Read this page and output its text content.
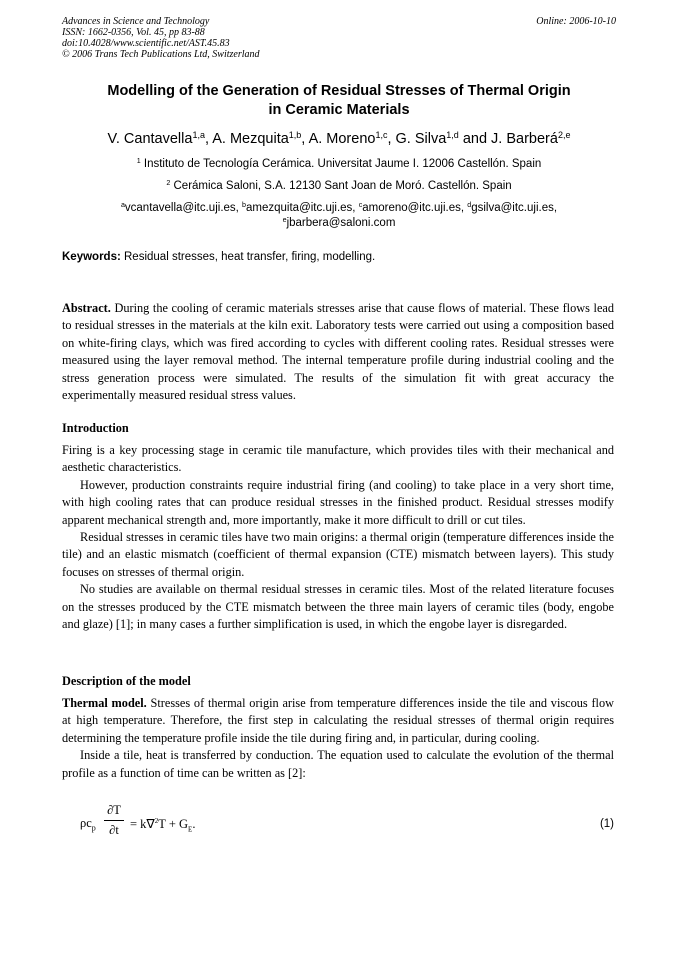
Advances in Science and Technology
ISSN: 1662-0356, Vol. 45, pp 83-88
doi:10.4028/www.scientific.net/AST.45.83
© 2006 Trans Tech Publications Ltd, Switzerland
Online: 2006-10-10
Modelling of the Generation of Residual Stresses of Thermal Origin
in Ceramic Materials
V. Cantavella$^{1,a}$, A. Mezquita$^{1,b}$, A. Moreno$^{1,c}$, G. Silva$^{1,d}$ and J. Barberá$^{2,e}$
$^1$ Instituto de Tecnología Cerámica. Universitat Jaume I. 12006 Castellón. Spain
$^2$ Cerámica Saloni, S.A. 12130 Sant Joan de Moró. Castellón. Spain
$^a$vcantavella@itc.uji.es, $^b$amezquita@itc.uji.es, $^c$amoreno@itc.uji.es, $^d$gsilva@itc.uji.es,
$^e$jbarbera@saloni.com
Keywords: Residual stresses, heat transfer, firing, modelling.

Abstract. During the cooling of ceramic materials stresses arise that cause flows of material. These flows lead to residual stresses in the materials at the kiln exit. Laboratory tests were carried out using a composition based on white-firing clays, which was fired according to cycles with different cooling rates. Residual stresses were measured using the layer removal method. The internal temperature profile during industrial cooling and the stress generation process were simulated. The results of the simulation fit with great accuracy the experimentally measured residual stress values.

Introduction

Firing is a key processing stage in ceramic tile manufacture, which provides tiles with their mechanical and aesthetic characteristics.

However, production constraints require industrial firing (and cooling) to take place in a very short time, with high cooling rates that can produce residual stresses in the finished product. Residual stresses modify apparent mechanical strength and, more importantly, make it more difficult to drill or cut tiles.

Residual stresses in ceramic tiles have two main origins: a thermal origin (temperature differences inside the tile) and an elastic mismatch (coefficient of thermal expansion (CTE) mismatch between layers). This study focuses on stresses of thermal origin.

No studies are available on thermal residual stresses in ceramic tiles. Most of the related literature focuses on the stresses produced by the CTE mismatch between the three main layers of ceramic tiles (body, engobe and glaze) [1]; in many cases a further simplification is used, in which the engobe layer is disregarded.

Description of the model

Thermal model. Stresses of thermal origin arise from temperature differences inside the tile and viscous flow at high temperature. Therefore, the first step in calculating the residual stresses of thermal origin requires determining the temperature profile inside the tile during firing and, in particular, during cooling.

Inside a tile, heat is transferred by conduction. The equation used to calculate the evolution of the thermal profile as a function of time can be written as [2]:

$\rho c_p$
∂T
$\partial t = k\nabla^2T + G_E$.	(1)
